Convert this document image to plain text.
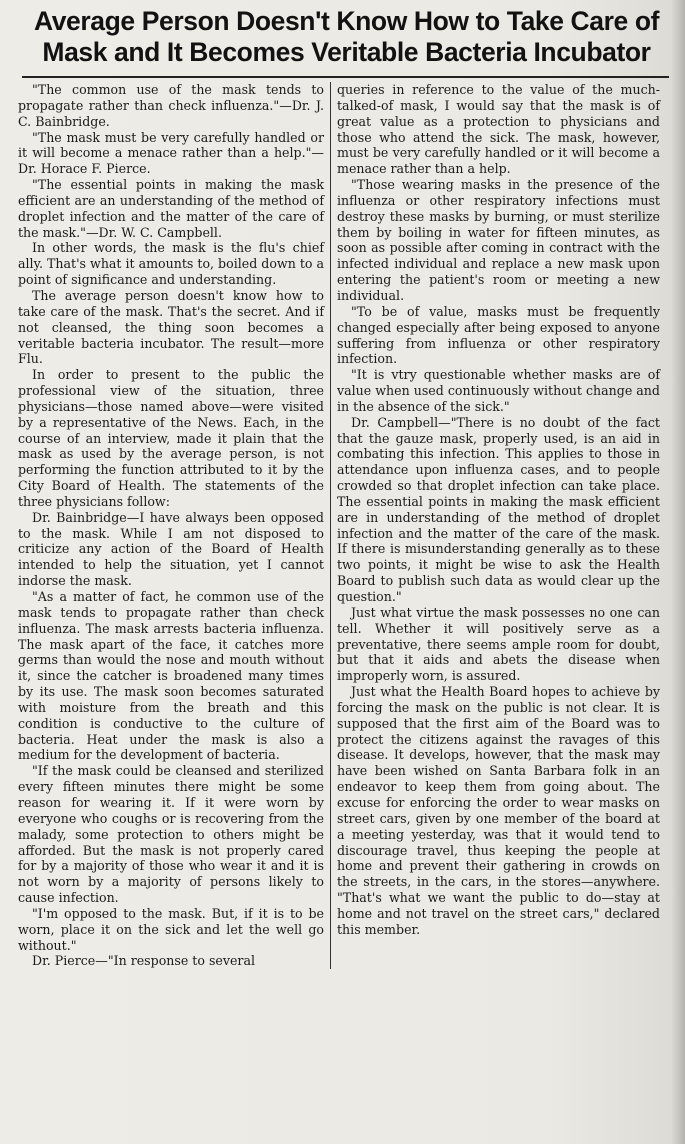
Average Person Doesn't Know How to Take Care of Mask and It Becomes Veritable Bacteria Incubator

"The common use of the mask tends to propagate rather than check influenza."—Dr. J. C. Bainbridge.

"The mask must be very carefully handled or it will become a menace rather than a help."—Dr. Horace F. Pierce.

"The essential points in making the mask efficient are an understanding of the method of droplet infection and the matter of the care of the mask."—Dr. W. C. Campbell.

In other words, the mask is the flu's chief ally. That's what it amounts to, boiled down to a point of significance and understanding.

The average person doesn't know how to take care of the mask. That's the secret. And if not cleansed, the thing soon becomes a veritable bacteria incubator. The result—more Flu.

In order to present to the public the professional view of the situation, three physicians—those named above—were visited by a representative of the News. Each, in the course of an interview, made it plain that the mask as used by the average person, is not performing the function attributed to it by the City Board of Health. The statements of the three physicians follow:

Dr. Bainbridge—I have always been opposed to the mask. While I am not disposed to criticize any action of the Board of Health intended to help the situation, yet I cannot indorse the mask.

"As a matter of fact, he common use of the mask tends to propagate rather than check influenza. The mask arrests bacteria influenza. The mask apart of the face, it catches more germs than would the nose and mouth without it, since the catcher is broadened many times by its use. The mask soon becomes saturated with moisture from the breath and this condition is conductive to the culture of bacteria. Heat under the mask is also a medium for the development of bacteria.

"If the mask could be cleansed and sterilized every fifteen minutes there might be some reason for wearing it. If it were worn by everyone who coughs or is recovering from the malady, some protection to others might be afforded. But the mask is not properly cared for by a majority of those who wear it and it is not worn by a majority of persons likely to cause infection.

"I'm opposed to the mask. But, if it is to be worn, place it on the sick and let the well go without."

Dr. Pierce—"In response to several

queries in reference to the value of the much-talked-of mask, I would say that the mask is of great value as a protection to physicians and those who attend the sick. The mask, however, must be very carefully handled or it will become a menace rather than a help.

"Those wearing masks in the presence of the influenza or other respiratory infections must destroy these masks by burning, or must sterilize them by boiling in water for fifteen minutes, as soon as possible after coming in contract with the infected individual and replace a new mask upon entering the patient's room or meeting a new individual.

"To be of value, masks must be frequently changed especially after being exposed to anyone suffering from influenza or other respiratory infection.

"It is vtry questionable whether masks are of value when used continuously without change and in the absence of the sick."

Dr. Campbell—"There is no doubt of the fact that the gauze mask, properly used, is an aid in combating this infection. This applies to those in attendance upon influenza cases, and to people crowded so that droplet infection can take place. The essential points in making the mask efficient are in understanding of the method of droplet infection and the matter of the care of the mask. If there is misunderstanding generally as to these two points, it might be wise to ask the Health Board to publish such data as would clear up the question."

Just what virtue the mask possesses no one can tell. Whether it will positively serve as a preventative, there seems ample room for doubt, but that it aids and abets the disease when improperly worn, is assured.

Just what the Health Board hopes to achieve by forcing the mask on the public is not clear. It is supposed that the first aim of the Board was to protect the citizens against the ravages of this disease. It develops, however, that the mask may have been wished on Santa Barbara folk in an endeavor to keep them from going about. The excuse for enforcing the order to wear masks on street cars, given by one member of the board at a meeting yesterday, was that it would tend to discourage travel, thus keeping the people at home and prevent their gathering in crowds on the streets, in the cars, in the stores—anywhere. "That's what we want the public to do—stay at home and not travel on the street cars," declared this member.
